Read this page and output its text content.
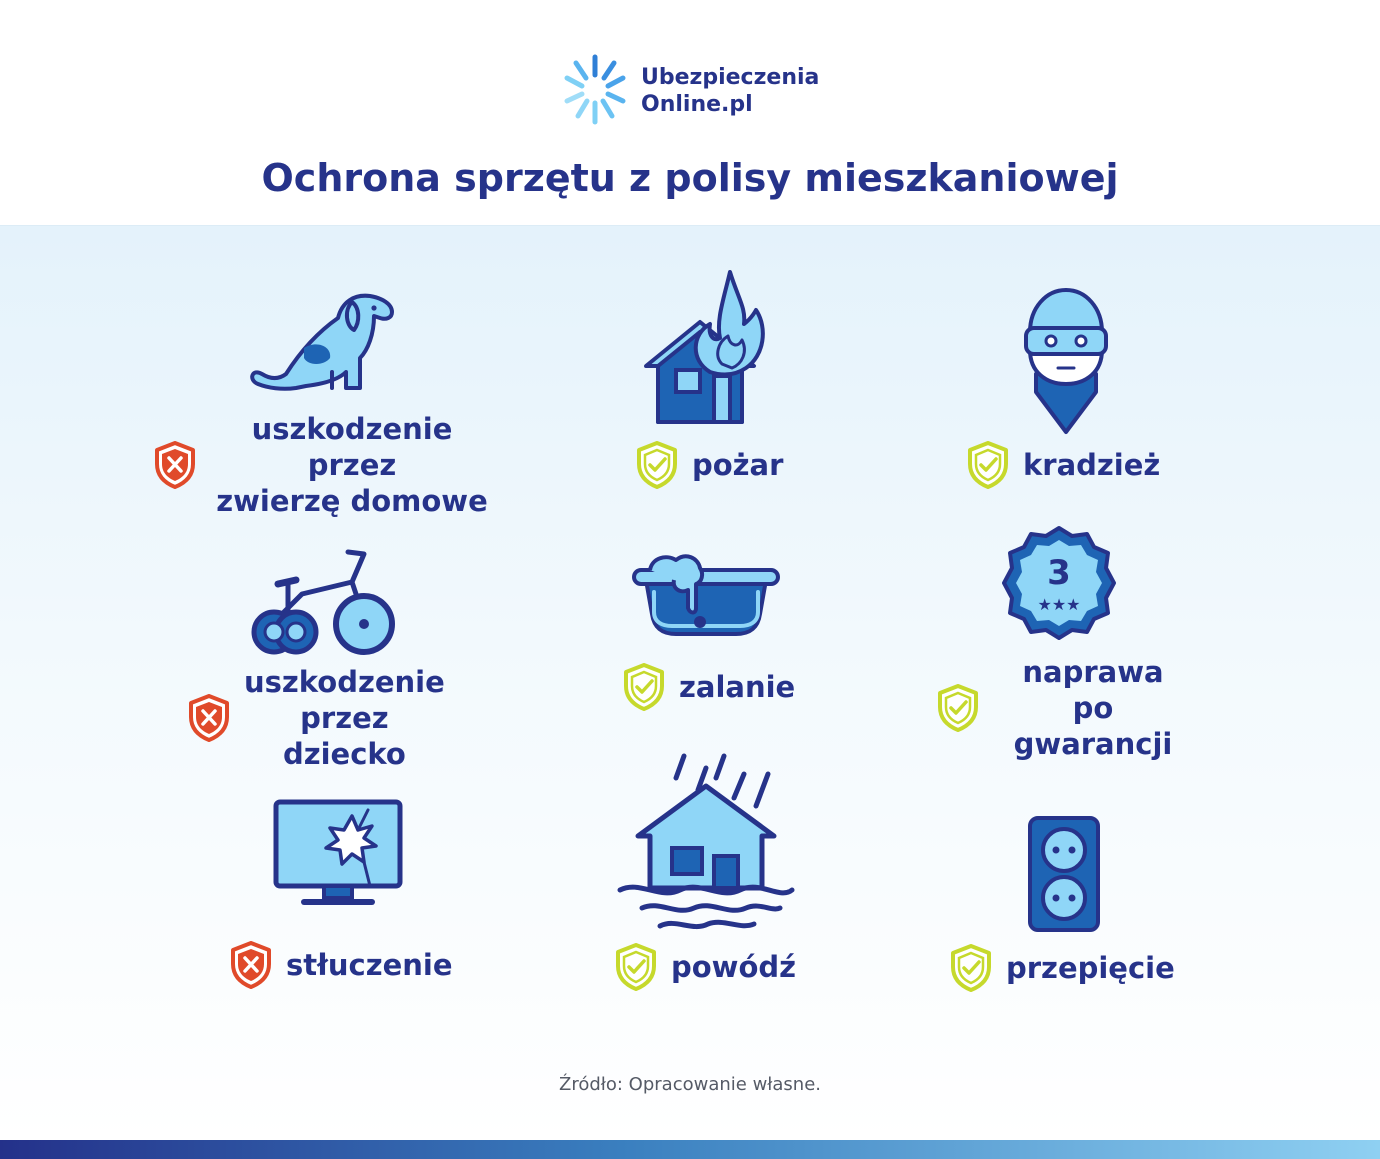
Ubezpieczenia
Online.pl
Ochrona sprzętu z polisy mieszkaniowej
uszkodzenie przez
zwierzę domowe
pożar	kradzież
uszkodzenie
przez dziecko
zalanie
3
★★★
naprawa
po gwarancji
stłuczenie	powódź	przepięcie
Źródło: Opracowanie własne.
